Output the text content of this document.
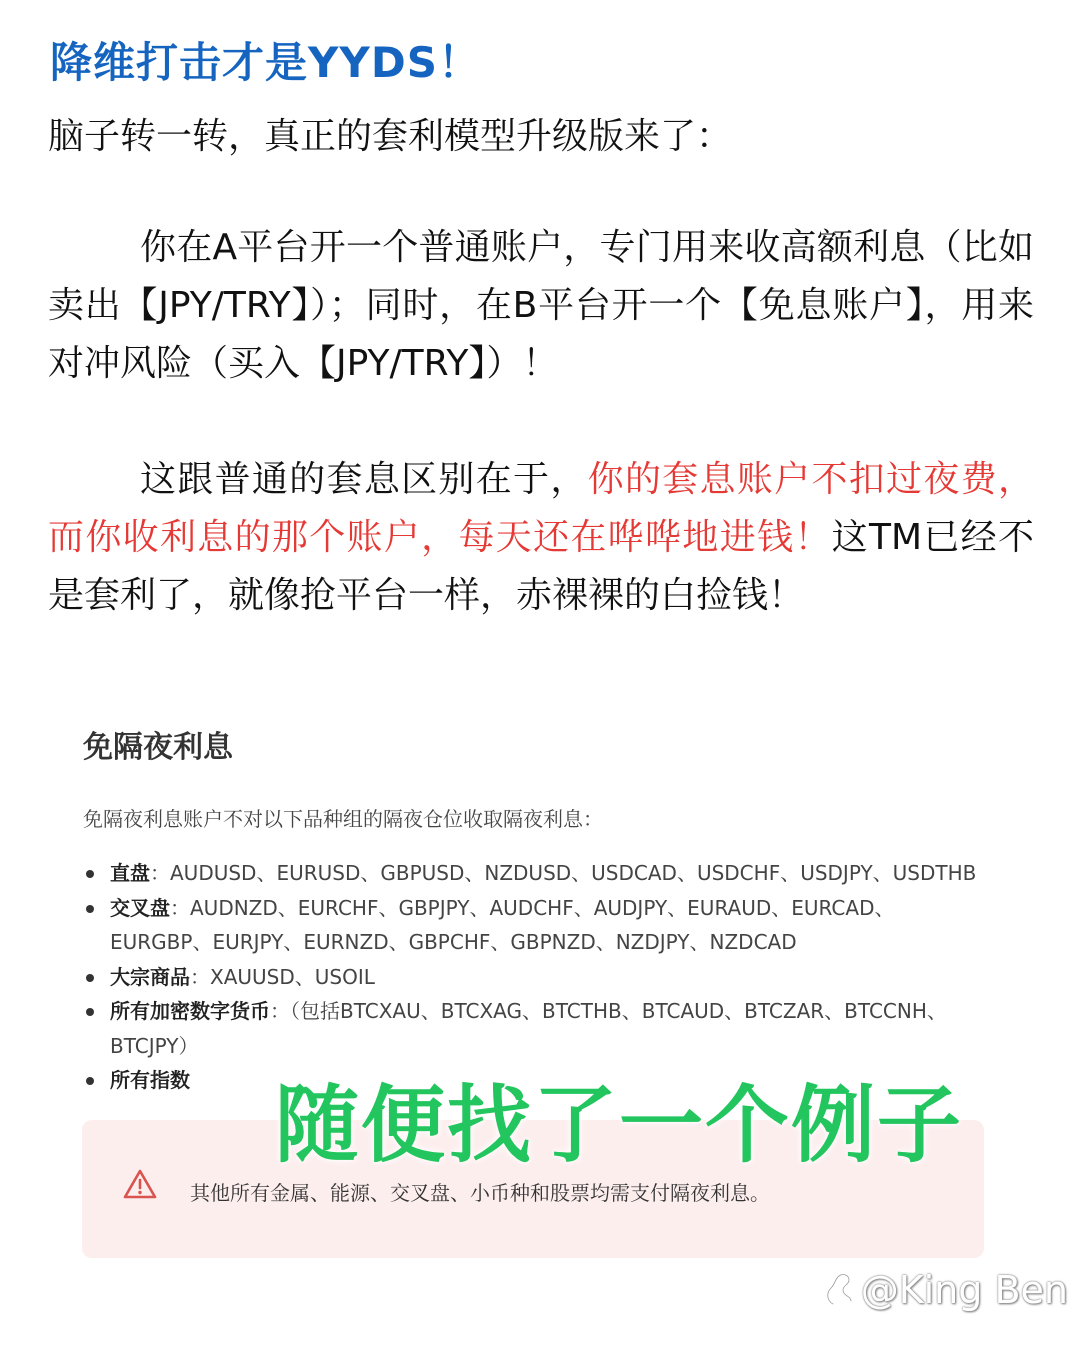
降维打击才是YYDS！
脑子转一转，真正的套利模型升级版来了：

你在A平台开一个普通账户，专门用来收高额利息（比如卖出【JPY/TRY】）；同时，在B平台开一个【免息账户】，用来对冲风险（买入【JPY/TRY】）！

这跟普通的套息区别在于，你的套息账户不扣过夜费，而你收利息的那个账户，每天还在哗哗地进钱！这TM已经不是套利了，就像抢平台一样，赤裸裸的白捡钱！

免隔夜利息
免隔夜利息账户不对以下品种组的隔夜仓位收取隔夜利息：
直盘：AUDUSD、EURUSD、GBPUSD、NZDUSD、USDCAD、USDCHF、USDJPY、USDTHB
交叉盘：AUDNZD、EURCHF、GBPJPY、AUDCHF、AUDJPY、EURAUD、EURCAD、EURGBP、EURJPY、EURNZD、GBPCHF、GBPNZD、NZDJPY、NZDCAD
大宗商品：XAUUSD、USOIL
所有加密数字货币：（包括BTCXAU、BTCXAG、BTCTHB、BTCAUD、BTCZAR、BTCCNH、BTCJPY）
所有指数
其他所有金属、能源、交叉盘、小币种和股票均需支付隔夜利息。
随便找了一个例子
@King Ben
